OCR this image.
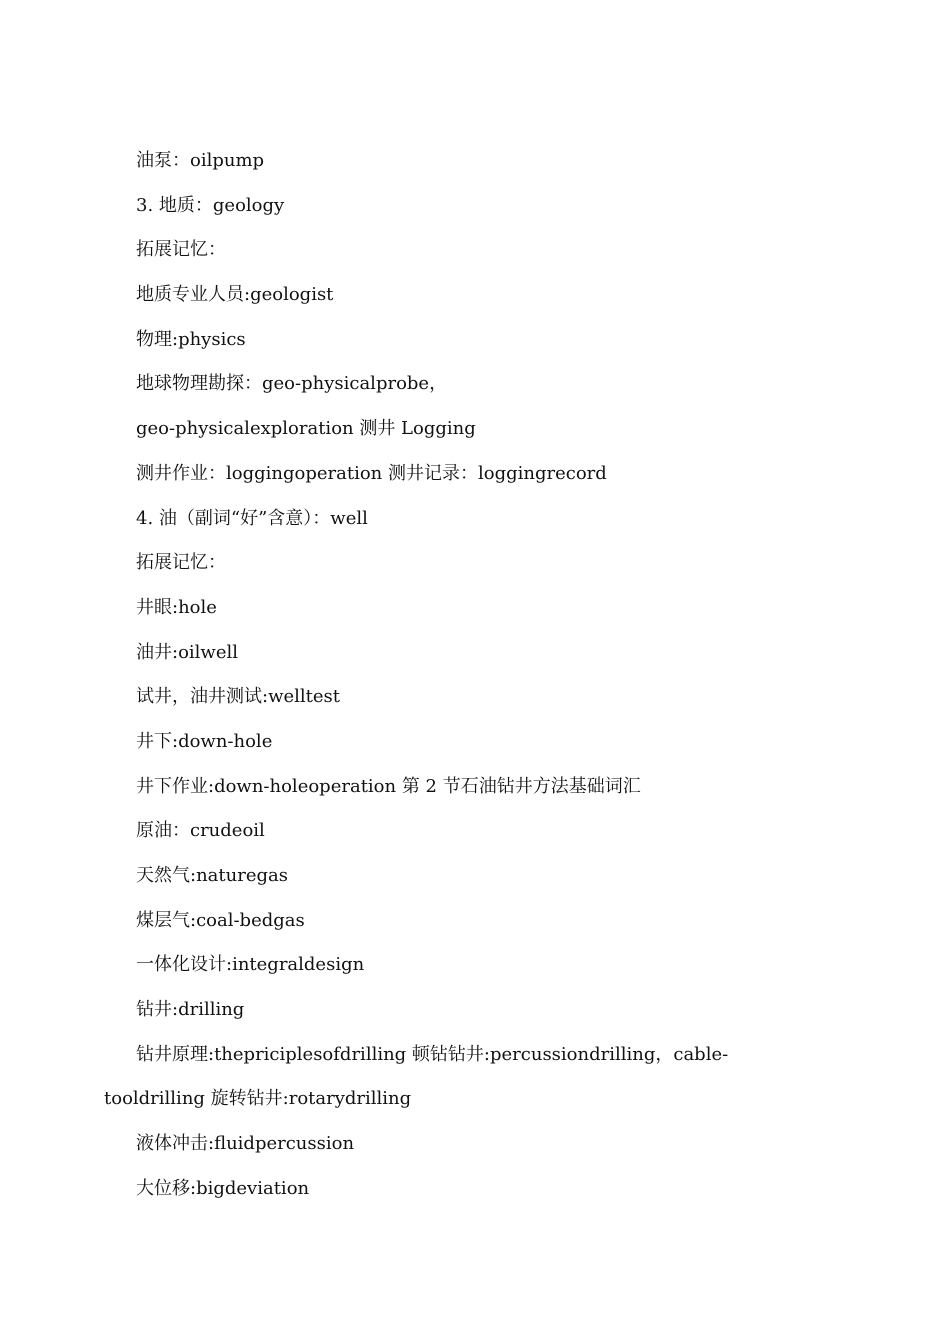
油泵：oilpump
3. 地质：geology
拓展记忆：
地质专业人员:geologist
物理:physics
地球物理勘探：geo-physicalprobe，
geo-physicalexploration 测井 Logging
测井作业：loggingoperation 测井记录：loggingrecord
4. 油（副词“好”含意）：well
拓展记忆：
井眼:hole
油井:oilwell
试井，油井测试:welltest
井下:down-hole
井下作业:down-holeoperation 第 2 节石油钻井方法基础词汇
原油：crudeoil
天然气:naturegas
煤层气:coal-bedgas
一体化设计:integraldesign
钻井:drilling
钻井原理:thepriciplesofdrilling 顿钻钻井:percussiondrilling，cable-
tooldrilling 旋转钻井:rotarydrilling
液体冲击:fluidpercussion
大位移:bigdeviation
